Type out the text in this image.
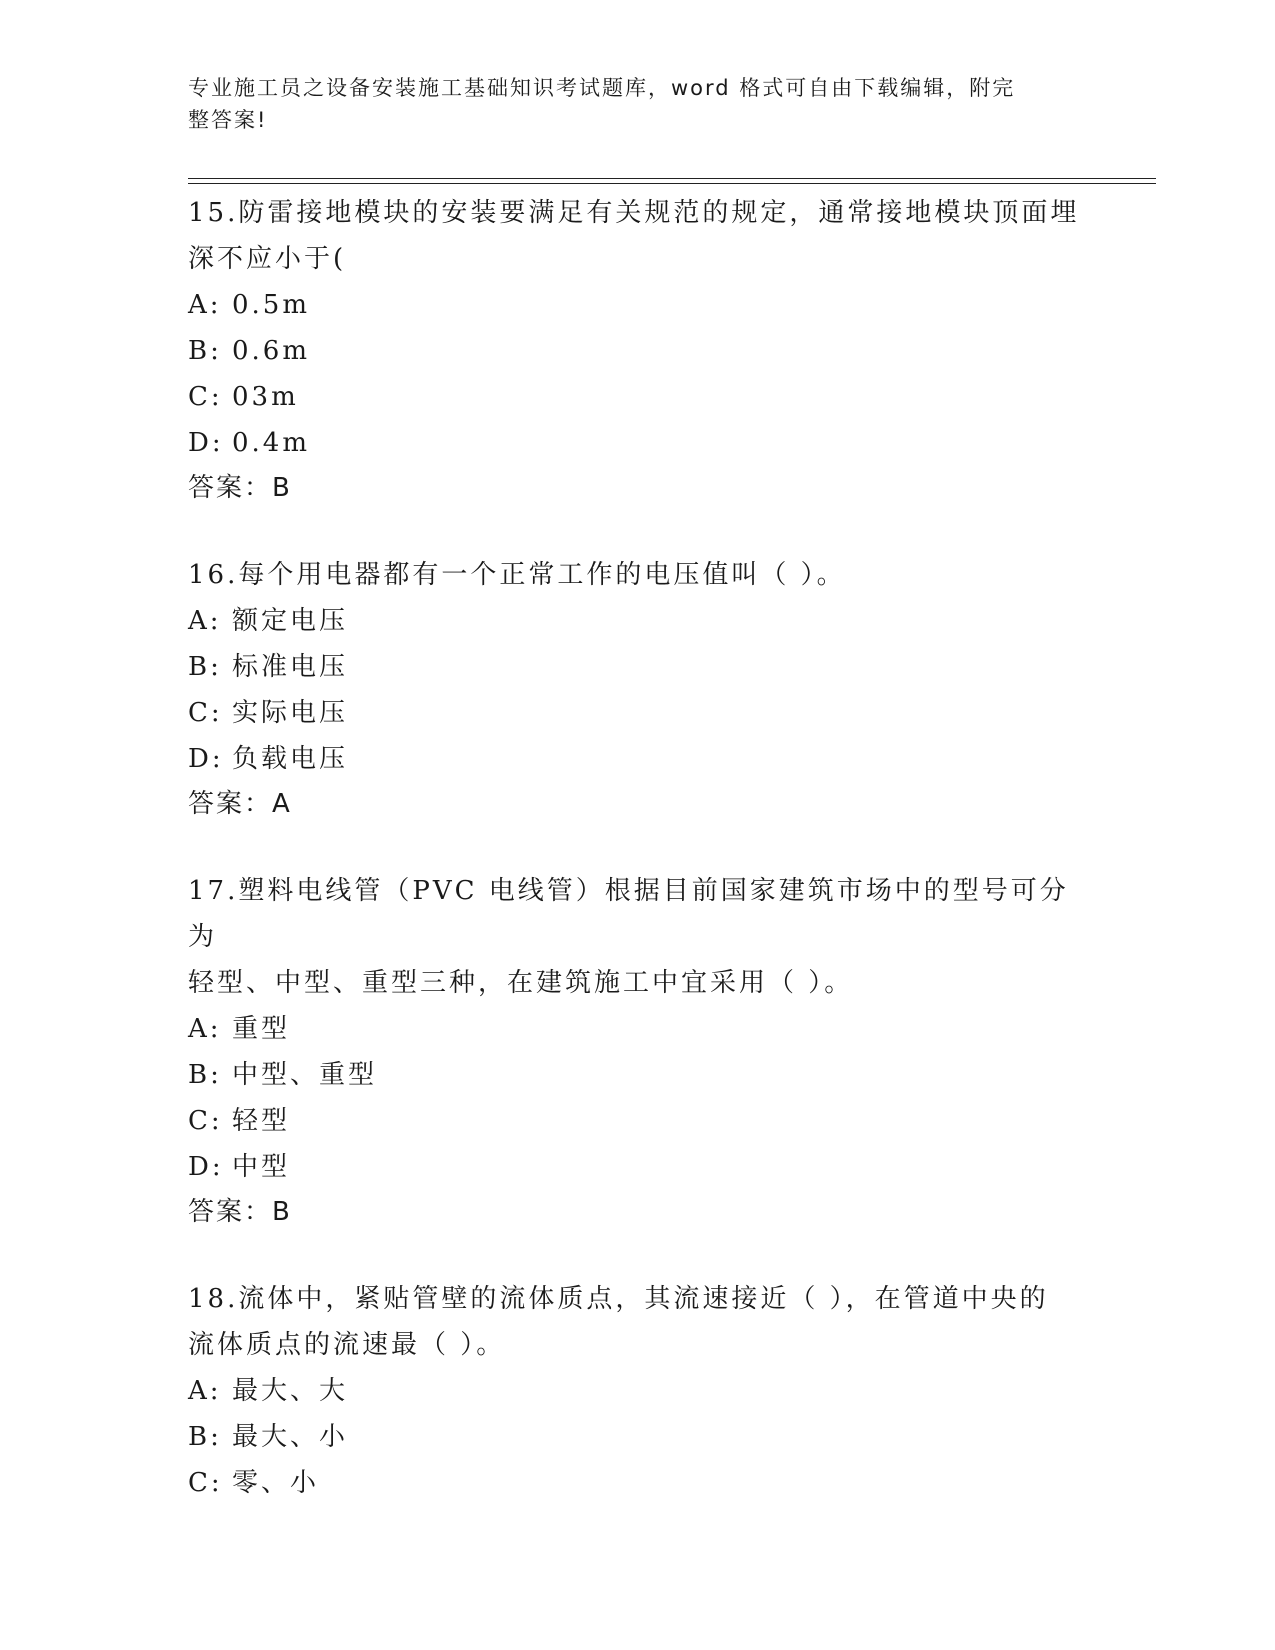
专业施工员之设备安装施工基础知识考试题库，word 格式可自由下载编辑，附完
整答案!

15.防雷接地模块的安装要满足有关规范的规定，通常接地模块顶面埋

深不应小于(

A: 0.5m

B: 0.6m

C: 03m

D: 0.4m

答案：B

16.每个用电器都有一个正常工作的电压值叫（ ）。

A: 额定电压

B: 标准电压

C: 实际电压

D: 负载电压

答案：A

17.塑料电线管（PVC 电线管）根据目前国家建筑市场中的型号可分为

轻型、中型、重型三种，在建筑施工中宜采用（ ）。

A: 重型

B: 中型、重型

C: 轻型

D: 中型

答案：B

18.流体中，紧贴管壁的流体质点，其流速接近（ ），在管道中央的

流体质点的流速最（ ）。

A: 最大、大

B: 最大、小

C: 零、小
